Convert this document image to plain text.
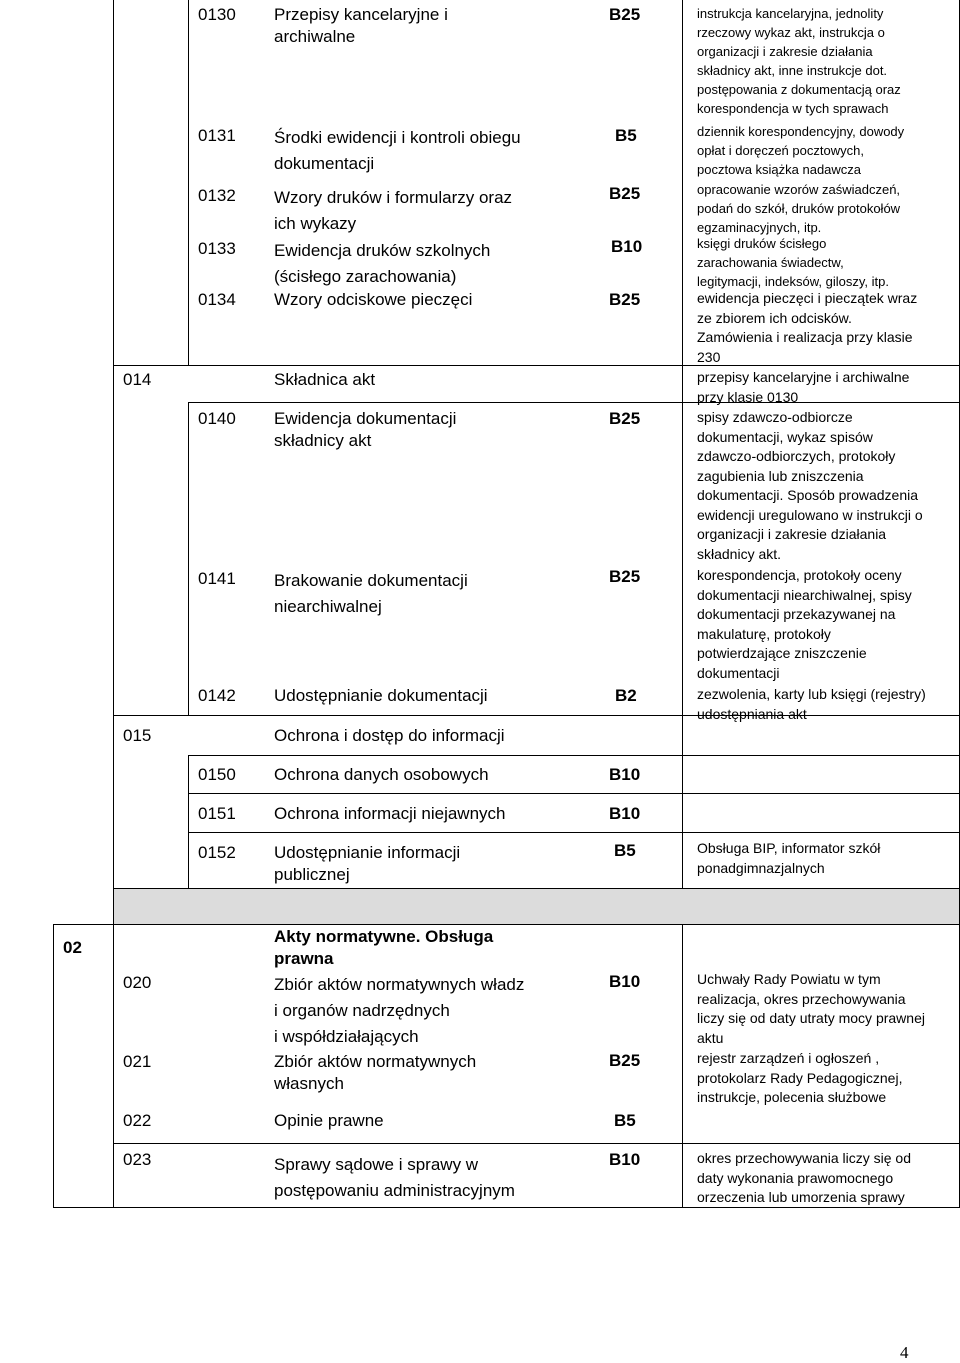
0130 Przepisy kancelaryjne i
archiwalne
B25	instrukcja kancelaryjna, jednolity
rzeczowy wykaz akt, instrukcja o
organizacji i zakresie działania
składnicy akt, inne instrukcje dot.
postępowania z dokumentacją oraz
korespondencja w tych sprawach
0131 Środki ewidencji i kontroli obiegu
dokumentacji
B5	dziennik korespondencyjny, dowody
opłat i doręczeń pocztowych,
pocztowa książka nadawcza
0132 Wzory druków i formularzy oraz
ich wykazy
B25	opracowanie wzorów zaświadczeń,
podań do szkół, druków protokołów
egzaminacyjnych, itp.
0133 Ewidencja druków szkolnych
(ścisłego zarachowania)
B10	księgi druków ścisłego
zarachowania świadectw,
legitymacji, indeksów, giloszy, itp.
0134 Wzory odciskowe pieczęci	B25	ewidencja pieczęci i pieczątek wraz
ze zbiorem ich odcisków.
Zamówienia i realizacja przy klasie
230
014	Składnica akt	przepisy kancelaryjne i archiwalne
przy klasie 0130
0140 Ewidencja dokumentacji
składnicy akt
B25	spisy zdawczo-odbiorcze
dokumentacji, wykaz spisów
zdawczo-odbiorczych, protokoły
zagubienia lub zniszczenia
dokumentacji. Sposób prowadzenia
ewidencji uregulowano w instrukcji o
organizacji i zakresie działania
składnicy akt.
0141 Brakowanie dokumentacji
niearchiwalnej
B25	korespondencja, protokoły oceny
dokumentacji niearchiwalnej, spisy
dokumentacji przekazywanej na
makulaturę, protokoły
potwierdzające zniszczenie
dokumentacji
0142 Udostępnianie dokumentacji	B2	zezwolenia, karty lub księgi (rejestry)
udostępniania akt
015	Ochrona i dostęp do informacji
0150 Ochrona danych osobowych	B10
0151 Ochrona informacji niejawnych	B10
0152 Udostępnianie informacji
publicznej
B5	Obsługa BIP, informator szkół
ponadgimnazjalnych
02
Akty normatywne. Obsługa
prawna
020	Zbiór aktów normatywnych władz
i organów nadrzędnych
i współdziałających
B10	Uchwały Rady Powiatu w tym
realizacja, okres przechowywania
liczy się od daty utraty mocy prawnej
aktu
021	Zbiór aktów normatywnych
własnych
B25	rejestr zarządzeń i ogłoszeń ,
protokolarz Rady Pedagogicznej,
instrukcje, polecenia służbowe
022	Opinie prawne	B5
023	Sprawy sądowe i sprawy w
postępowaniu administracyjnym
B10	okres przechowywania liczy się od
daty wykonania prawomocnego
orzeczenia lub umorzenia sprawy
4
